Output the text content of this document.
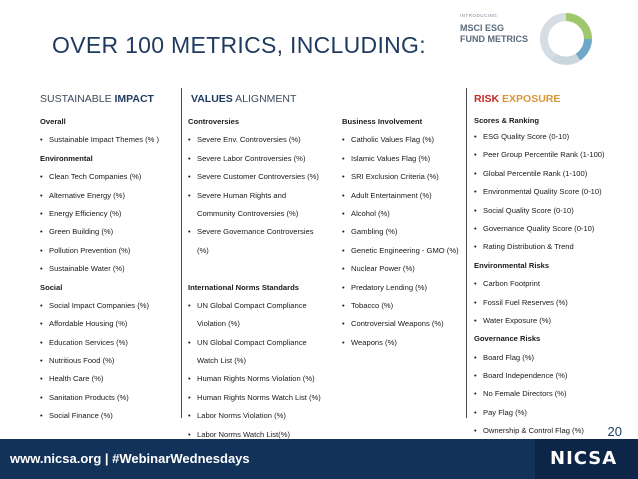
OVER 100 METRICS, INCLUDING:
INTRODUCING
MSCI ESG
FUND METRICS
SUSTAINABLE IMPACT	VALUES ALIGNMENT	RISK EXPOSURE
Overall
• Sustainable Impact Themes (% )
Environmental
• Clean Tech Companies (%)
• Alternative Energy (%)
• Energy Efficiency (%)
• Green Building (%)
• Pollution Prevention (%)
• Sustainable Water (%)
Social
• Social Impact Companies (%)
• Affordable Housing (%)
• Education Services (%)
• Nutritious Food (%)
• Health Care (%)
• Sanitation Products (%)
• Social Finance (%)
Controversies
• Severe Env. Controversies (%)
• Severe Labor Controversies (%)
• Severe Customer Controversies (%)
• Severe Human Rights and
Community Controversies (%)
• Severe Governance Controversies
(%)
International Norms Standards
• UN Global Compact Compliance
Violation (%)
• UN Global Compact Compliance
Watch List (%)
• Human Rights Norms Violation (%)
• Human Rights Norms Watch List (%)
• Labor Norms Violation (%)
• Labor Norms Watch List(%)
Business Involvement
• Catholic Values Flag (%)
• Islamic Values Flag (%)
• SRI Exclusion Criteria (%)
• Adult Entertainment (%)
• Alcohol (%)
• Gambling (%)
• Genetic Engineering - GMO (%)
• Nuclear Power (%)
• Predatory Lending (%)
• Tobacco (%)
• Controversial Weapons (%)
• Weapons (%)
Scores & Ranking
• ESG Quality Score (0-10)
• Peer Group Percentile Rank (1-100)
• Global Percentile Rank (1-100)
• Environmental Quality Score (0-10)
• Social Quality Score (0-10)
• Governance Quality Score (0-10)
• Rating Distribution & Trend
Environmental Risks
• Carbon Footprint
• Fossil Fuel Reserves (%)
• Water Exposure (%)
Governance Risks
• Board Flag (%)
• Board Independence (%)
• No Female Directors (%)
• Pay Flag (%)
• Ownership & Control Flag (%)
•	20
www.nicsa.org | #WebinarWednesdays	NICSA
